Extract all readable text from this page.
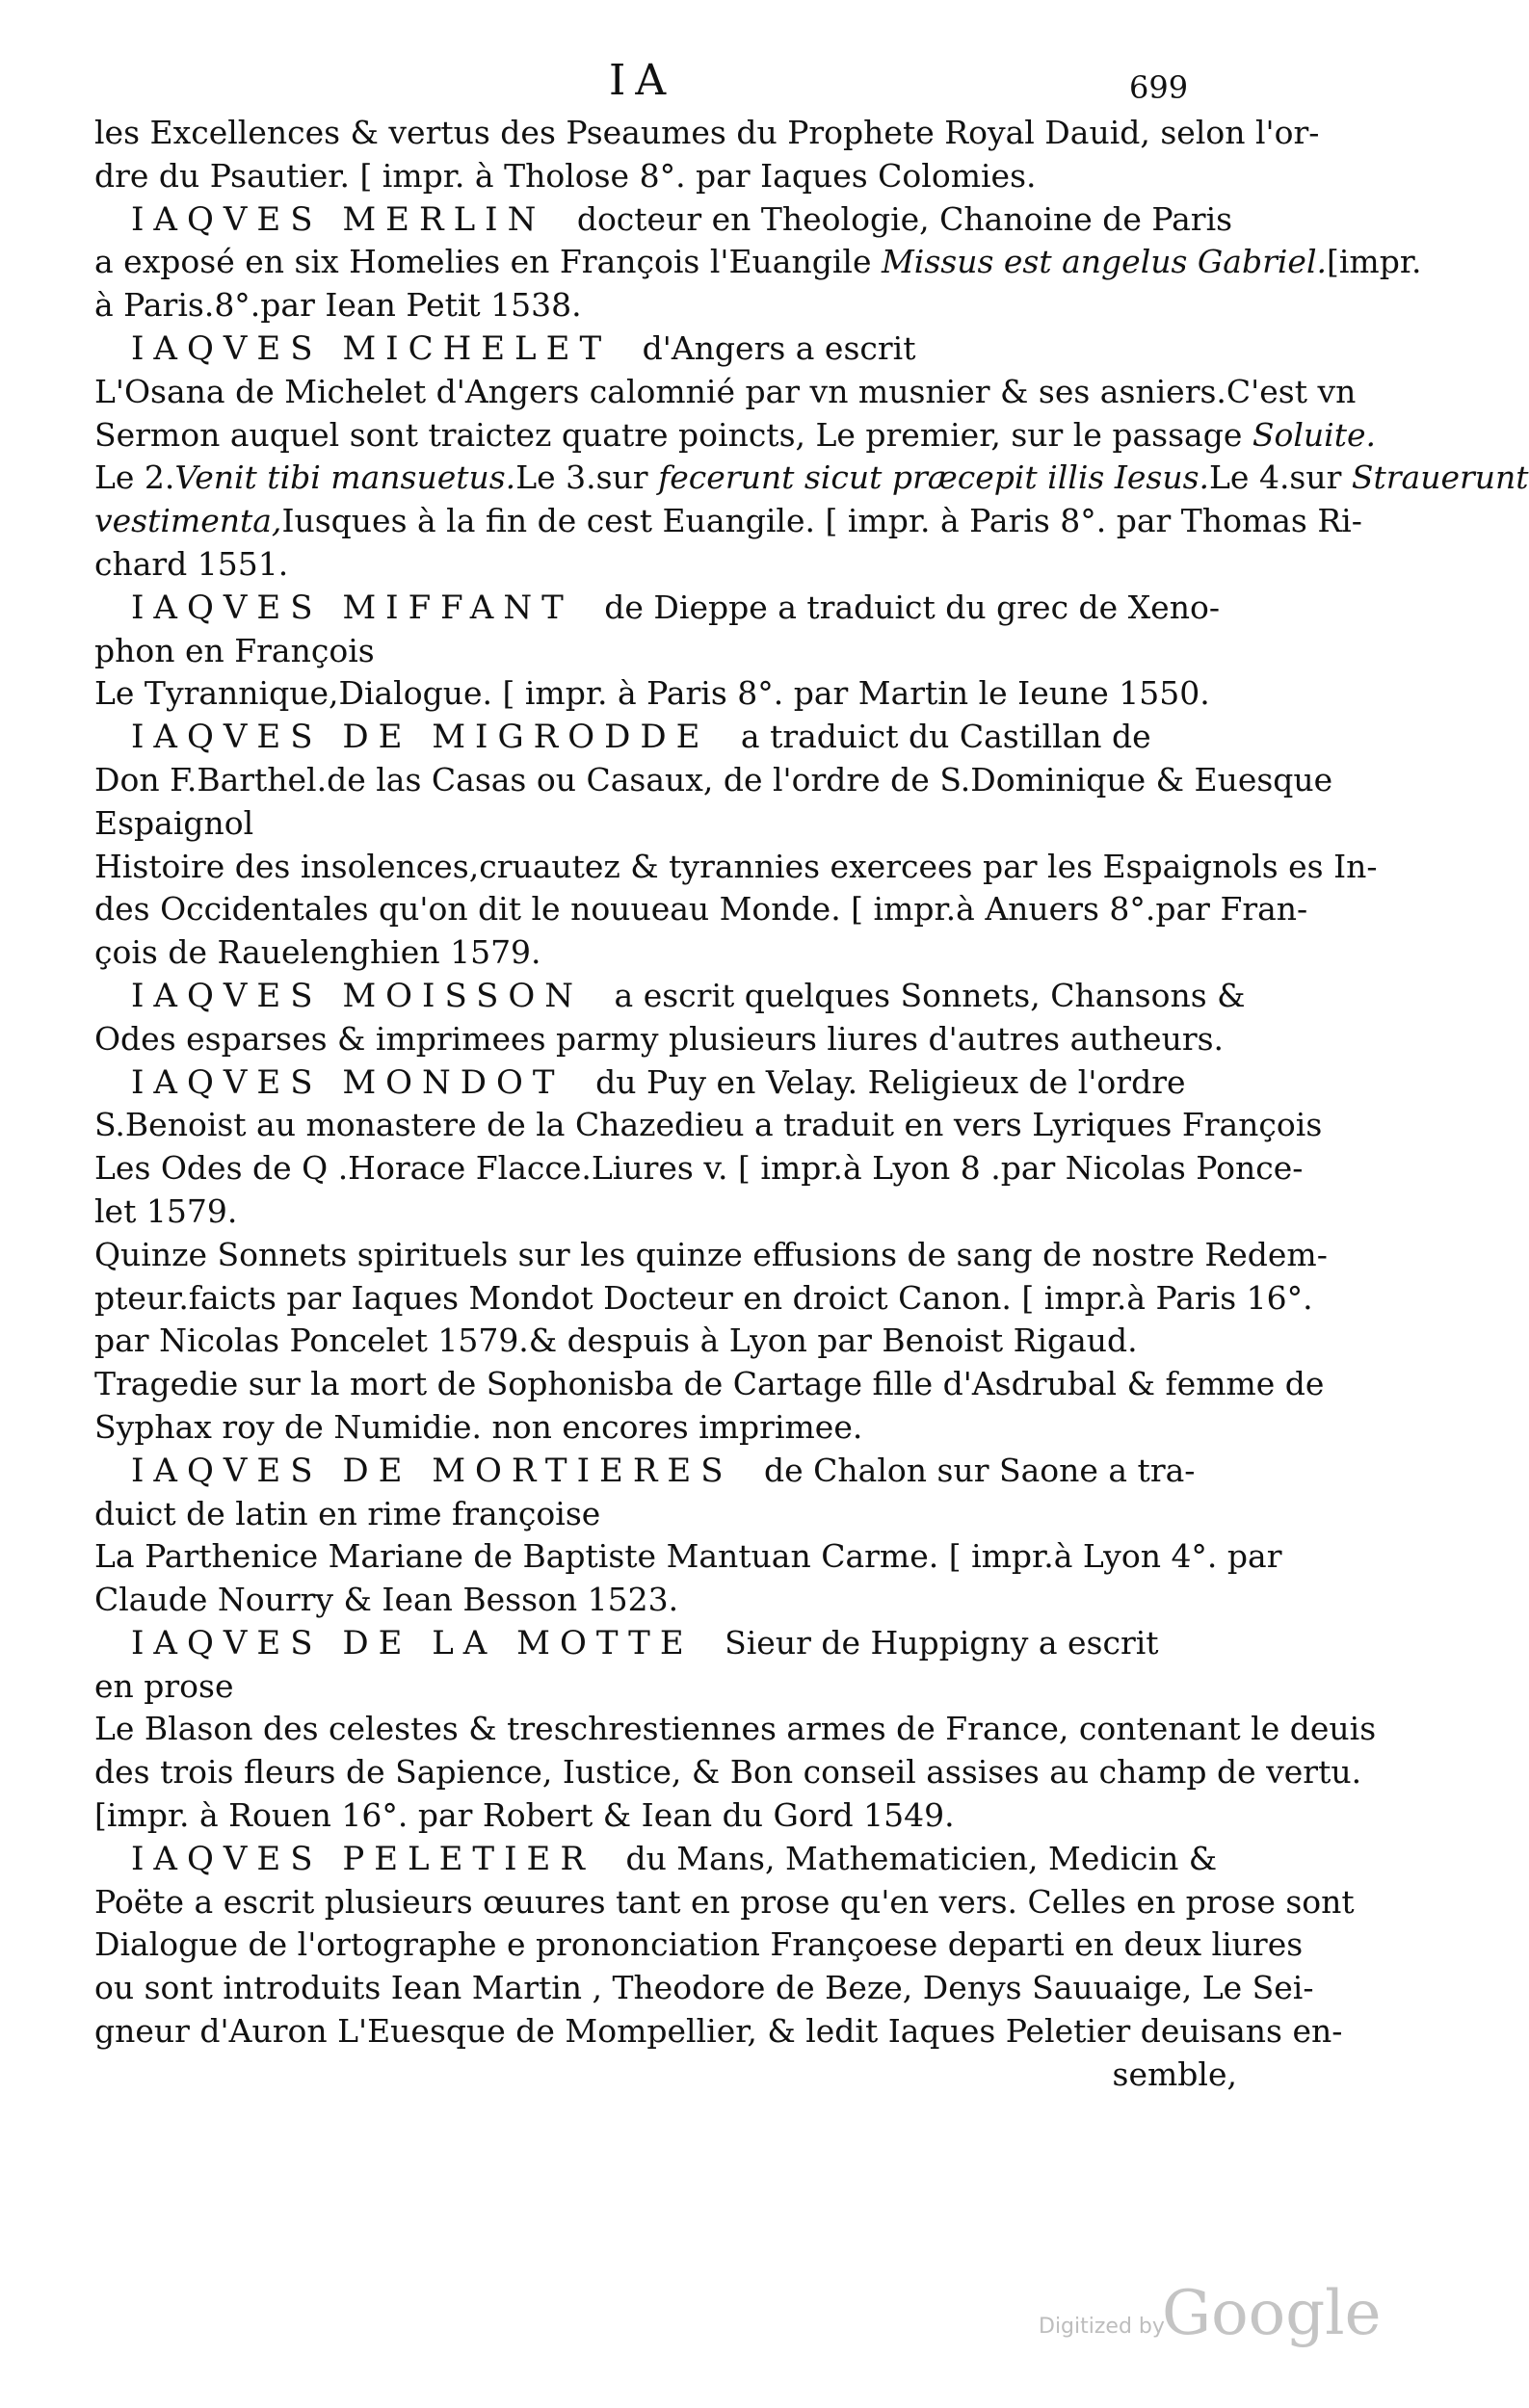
IA	699
les Excellences & vertus des Pseaumes du Prophete Royal Dauid, selon l'or-
dre du Psautier. [ impr. à Tholose 8°. par Iaques Colomies.
IAQVES MERLIN docteur en Theologie, Chanoine de Paris
a exposé en six Homelies en François l'Euangile Missus est angelus Gabriel.[impr.
à Paris.8°.par Iean Petit 1538.
IAQVES MICHELET d'Angers a escrit
L'Osana de Michelet d'Angers calomnié par vn musnier & ses asniers.C'est vn
Sermon auquel sont traictez quatre poincts, Le premier, sur le passage Soluite.
Le 2.Venit tibi mansuetus.Le 3.sur fecerunt sicut præcepit illis Iesus.Le 4.sur Strauerunt
vestimenta,Iusques à la fin de cest Euangile. [ impr. à Paris 8°. par Thomas Ri-
chard 1551.
IAQVES MIFFANT de Dieppe a traduict du grec de Xeno-
phon en François
Le Tyrannique,Dialogue. [ impr. à Paris 8°. par Martin le Ieune 1550.
IAQVES DE MIGRODDE a traduict du Castillan de
Don F.Barthel.de las Casas ou Casaux, de l'ordre de S.Dominique & Euesque
Espaignol
Histoire des insolences,cruautez & tyrannies exercees par les Espaignols es In-
des Occidentales qu'on dit le nouueau Monde. [ impr.à Anuers 8°.par Fran-
çois de Rauelenghien 1579.
IAQVES MOISSON a escrit quelques Sonnets, Chansons &
Odes esparses & imprimees parmy plusieurs liures d'autres autheurs.
IAQVES MONDOT du Puy en Velay. Religieux de l'ordre
S.Benoist au monastere de la Chazedieu a traduit en vers Lyriques François
Les Odes de Q .Horace Flacce.Liures v. [ impr.à Lyon 8 .par Nicolas Ponce-
let 1579.
Quinze Sonnets spirituels sur les quinze effusions de sang de nostre Redem-
pteur.faicts par Iaques Mondot Docteur en droict Canon. [ impr.à Paris 16°.
par Nicolas Poncelet 1579.& despuis à Lyon par Benoist Rigaud.
Tragedie sur la mort de Sophonisba de Cartage fille d'Asdrubal & femme de
Syphax roy de Numidie. non encores imprimee.
IAQVES DE MORTIERES de Chalon sur Saone a tra-
duict de latin en rime françoise
La Parthenice Mariane de Baptiste Mantuan Carme. [ impr.à Lyon 4°. par
Claude Nourry & Iean Besson 1523.
IAQVES DE LA MOTTE Sieur de Huppigny a escrit
en prose
Le Blason des celestes & treschrestiennes armes de France, contenant le deuis
des trois fleurs de Sapience, Iustice, & Bon conseil assises au champ de vertu.
[impr. à Rouen 16°. par Robert & Iean du Gord 1549.
IAQVES PELETIER du Mans, Mathematicien, Medicin &
Poëte a escrit plusieurs œuures tant en prose qu'en vers. Celles en prose sont
Dialogue de l'ortographe e prononciation Françoese departi en deux liures
ou sont introduits Iean Martin , Theodore de Beze, Denys Sauuaige, Le Sei-
gneur d'Auron L'Euesque de Mompellier, & ledit Iaques Peletier deuisans en-
semble,
Digitized by
Google
